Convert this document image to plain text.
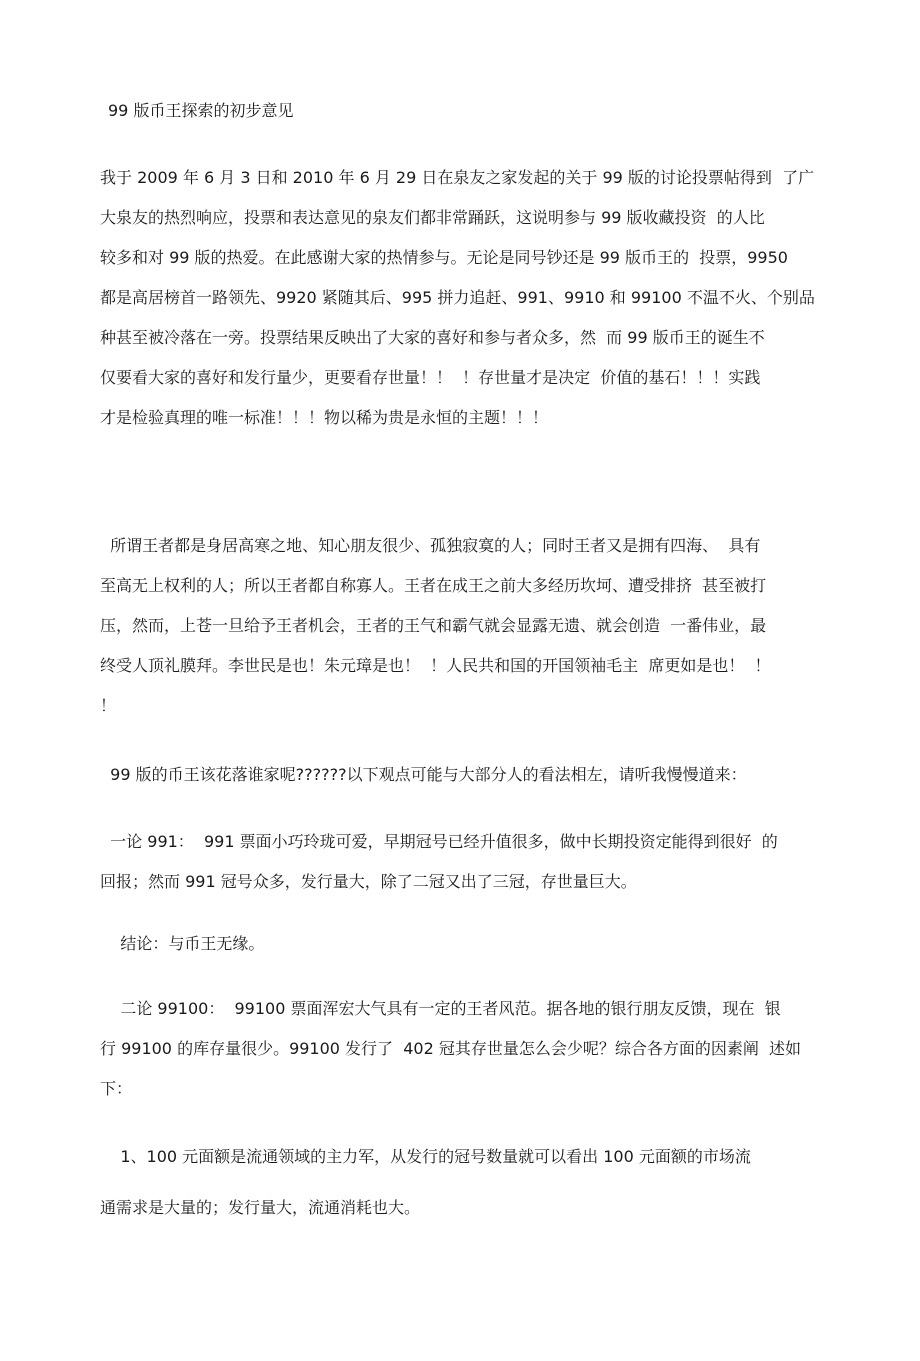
99 版币王探索的初步意见
我于 2009 年 6 月 3 日和 2010 年 6 月 29 日在泉友之家发起的关于 99 版的讨论投票帖得到  了广
大泉友的热烈响应，投票和表达意见的泉友们都非常踊跃，这说明参与 99 版收藏投资  的人比
较多和对 99 版的热爱。在此感谢大家的热情参与。无论是同号钞还是 99 版币王的  投票，9950
都是高居榜首一路领先、9920 紧随其后、995 拼力追赶、991、9910 和 99100 不温不火、个别品
种甚至被冷落在一旁。投票结果反映出了大家的喜好和参与者众多，然  而 99 版币王的诞生不
仅要看大家的喜好和发行量少，更要看存世量！！  ！存世量才是决定  价值的基石！！！实践
才是检验真理的唯一标准！！！物以稀为贵是永恒的主题！！！
所谓王者都是身居高寒之地、知心朋友很少、孤独寂寞的人；同时王者又是拥有四海、  具有
至高无上权利的人；所以王者都自称寡人。王者在成王之前大多经历坎坷、遭受排挤  甚至被打
压，然而，上苍一旦给予王者机会，王者的王气和霸气就会显露无遗、就会创造  一番伟业，最
终受人顶礼膜拜。李世民是也！朱元璋是也！  ！人民共和国的开国领袖毛主  席更如是也！  ！
！
99 版的币王该花落谁家呢??????以下观点可能与大部分人的看法相左，请听我慢慢道来：
一论 991：  991 票面小巧玲珑可爱，早期冠号已经升值很多，做中长期投资定能得到很好  的
回报；然而 991 冠号众多，发行量大，除了二冠又出了三冠，存世量巨大。
结论：与币王无缘。
二论 99100：  99100 票面浑宏大气具有一定的王者风范。据各地的银行朋友反馈，现在  银
行 99100 的库存量很少。99100 发行了  402 冠其存世量怎么会少呢？综合各方面的因素阐  述如
下：
1、100 元面额是流通领域的主力军，从发行的冠号数量就可以看出 100 元面额的市场流
通需求是大量的；发行量大，流通消耗也大。
